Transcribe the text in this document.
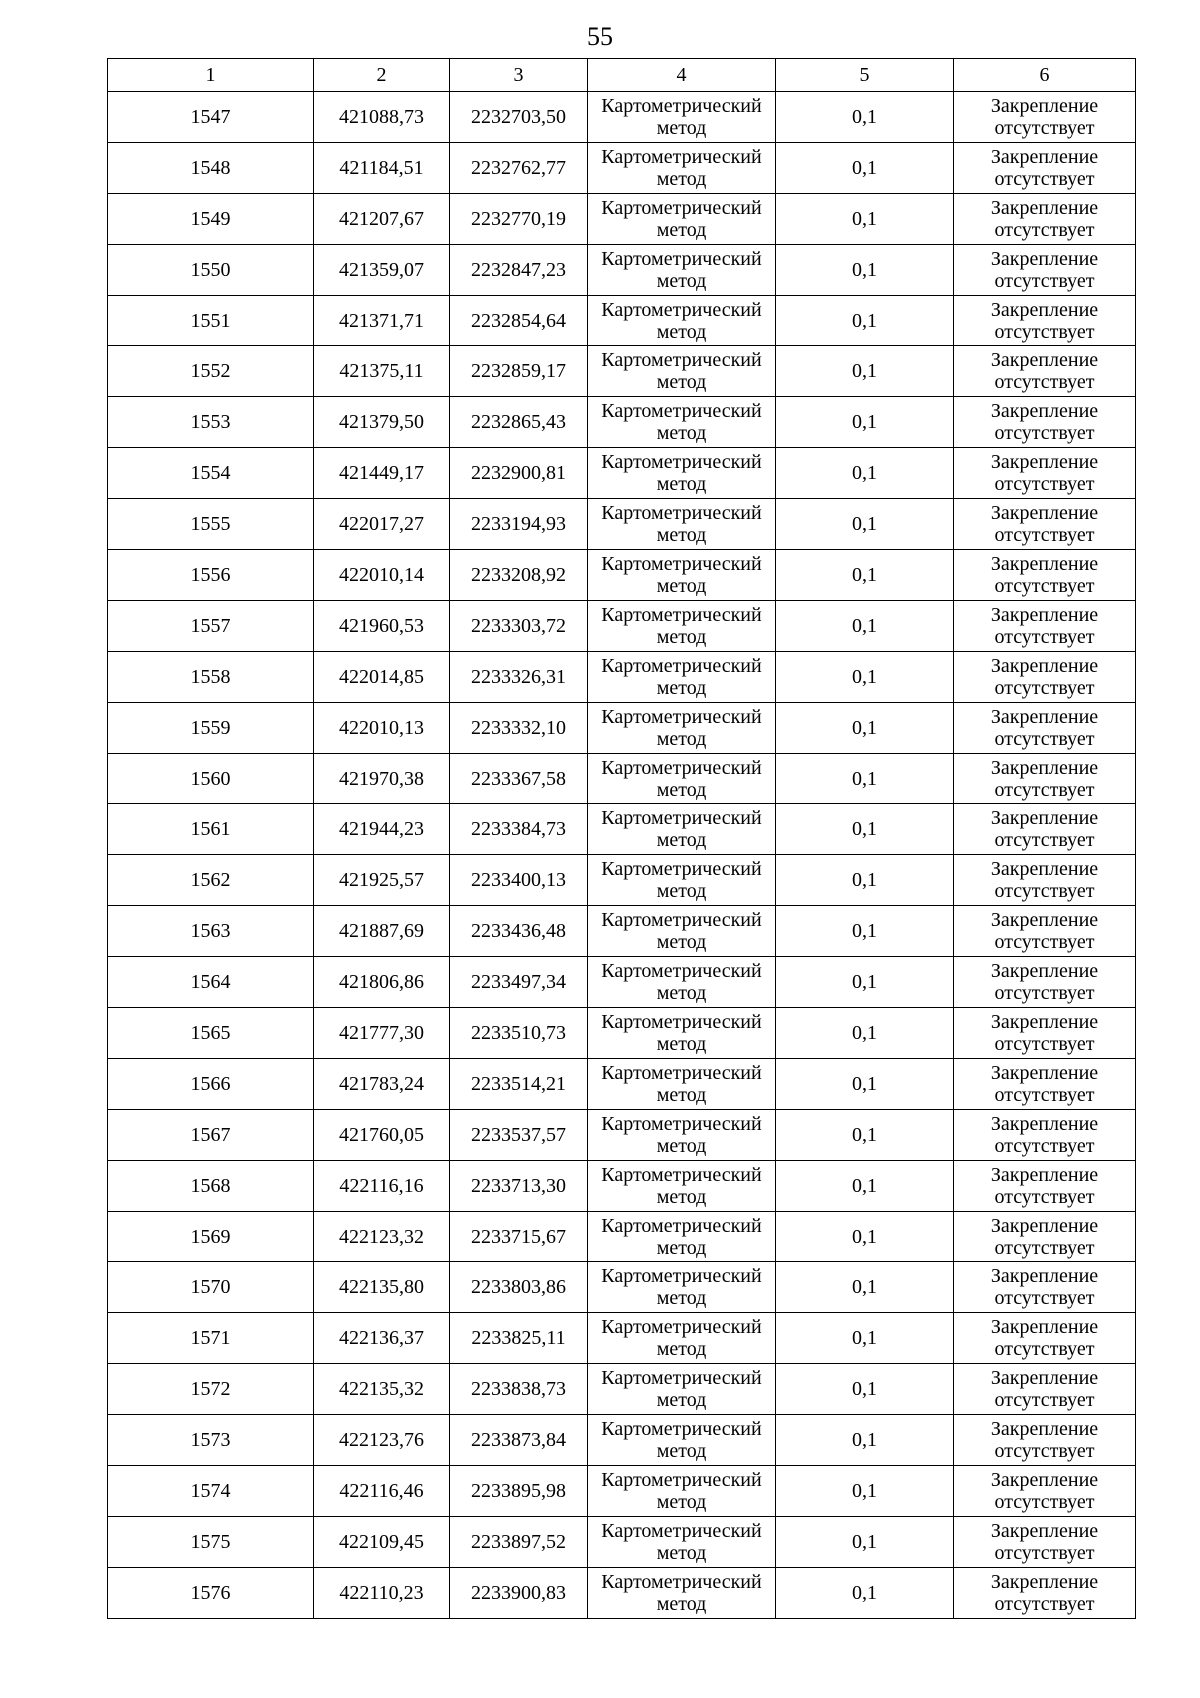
55
1	2	3	4	5	6
1547	421088,73	2232703,50	Картометрический
метод	0,1	Закрепление
отсутствует

1548	421184,51	2232762,77	Картометрический
метод	0,1	Закрепление
отсутствует

1549	421207,67	2232770,19	Картометрический
метод	0,1	Закрепление
отсутствует

1550	421359,07	2232847,23	Картометрический
метод	0,1	Закрепление
отсутствует

1551	421371,71	2232854,64	Картометрический
метод	0,1	Закрепление
отсутствует

1552	421375,11	2232859,17	Картометрический
метод	0,1	Закрепление
отсутствует

1553	421379,50	2232865,43	Картометрический
метод	0,1	Закрепление
отсутствует

1554	421449,17	2232900,81	Картометрический
метод	0,1	Закрепление
отсутствует

1555	422017,27	2233194,93	Картометрический
метод	0,1	Закрепление
отсутствует

1556	422010,14	2233208,92	Картометрический
метод	0,1	Закрепление
отсутствует

1557	421960,53	2233303,72	Картометрический
метод	0,1	Закрепление
отсутствует

1558	422014,85	2233326,31	Картометрический
метод	0,1	Закрепление
отсутствует

1559	422010,13	2233332,10	Картометрический
метод	0,1	Закрепление
отсутствует

1560	421970,38	2233367,58	Картометрический
метод	0,1	Закрепление
отсутствует

1561	421944,23	2233384,73	Картометрический
метод	0,1	Закрепление
отсутствует

1562	421925,57	2233400,13	Картометрический
метод	0,1	Закрепление
отсутствует

1563	421887,69	2233436,48	Картометрический
метод	0,1	Закрепление
отсутствует

1564	421806,86	2233497,34	Картометрический
метод	0,1	Закрепление
отсутствует

1565	421777,30	2233510,73	Картометрический
метод	0,1	Закрепление
отсутствует

1566	421783,24	2233514,21	Картометрический
метод	0,1	Закрепление
отсутствует

1567	421760,05	2233537,57	Картометрический
метод	0,1	Закрепление
отсутствует

1568	422116,16	2233713,30	Картометрический
метод	0,1	Закрепление
отсутствует

1569	422123,32	2233715,67	Картометрический
метод	0,1	Закрепление
отсутствует

1570	422135,80	2233803,86	Картометрический
метод	0,1	Закрепление
отсутствует

1571	422136,37	2233825,11	Картометрический
метод	0,1	Закрепление
отсутствует

1572	422135,32	2233838,73	Картометрический
метод	0,1	Закрепление
отсутствует

1573	422123,76	2233873,84	Картометрический
метод	0,1	Закрепление
отсутствует

1574	422116,46	2233895,98	Картометрический
метод	0,1	Закрепление
отсутствует

1575	422109,45	2233897,52	Картометрический
метод	0,1	Закрепление
отсутствует

1576	422110,23	2233900,83	Картометрический
метод	0,1	Закрепление
отсутствует
